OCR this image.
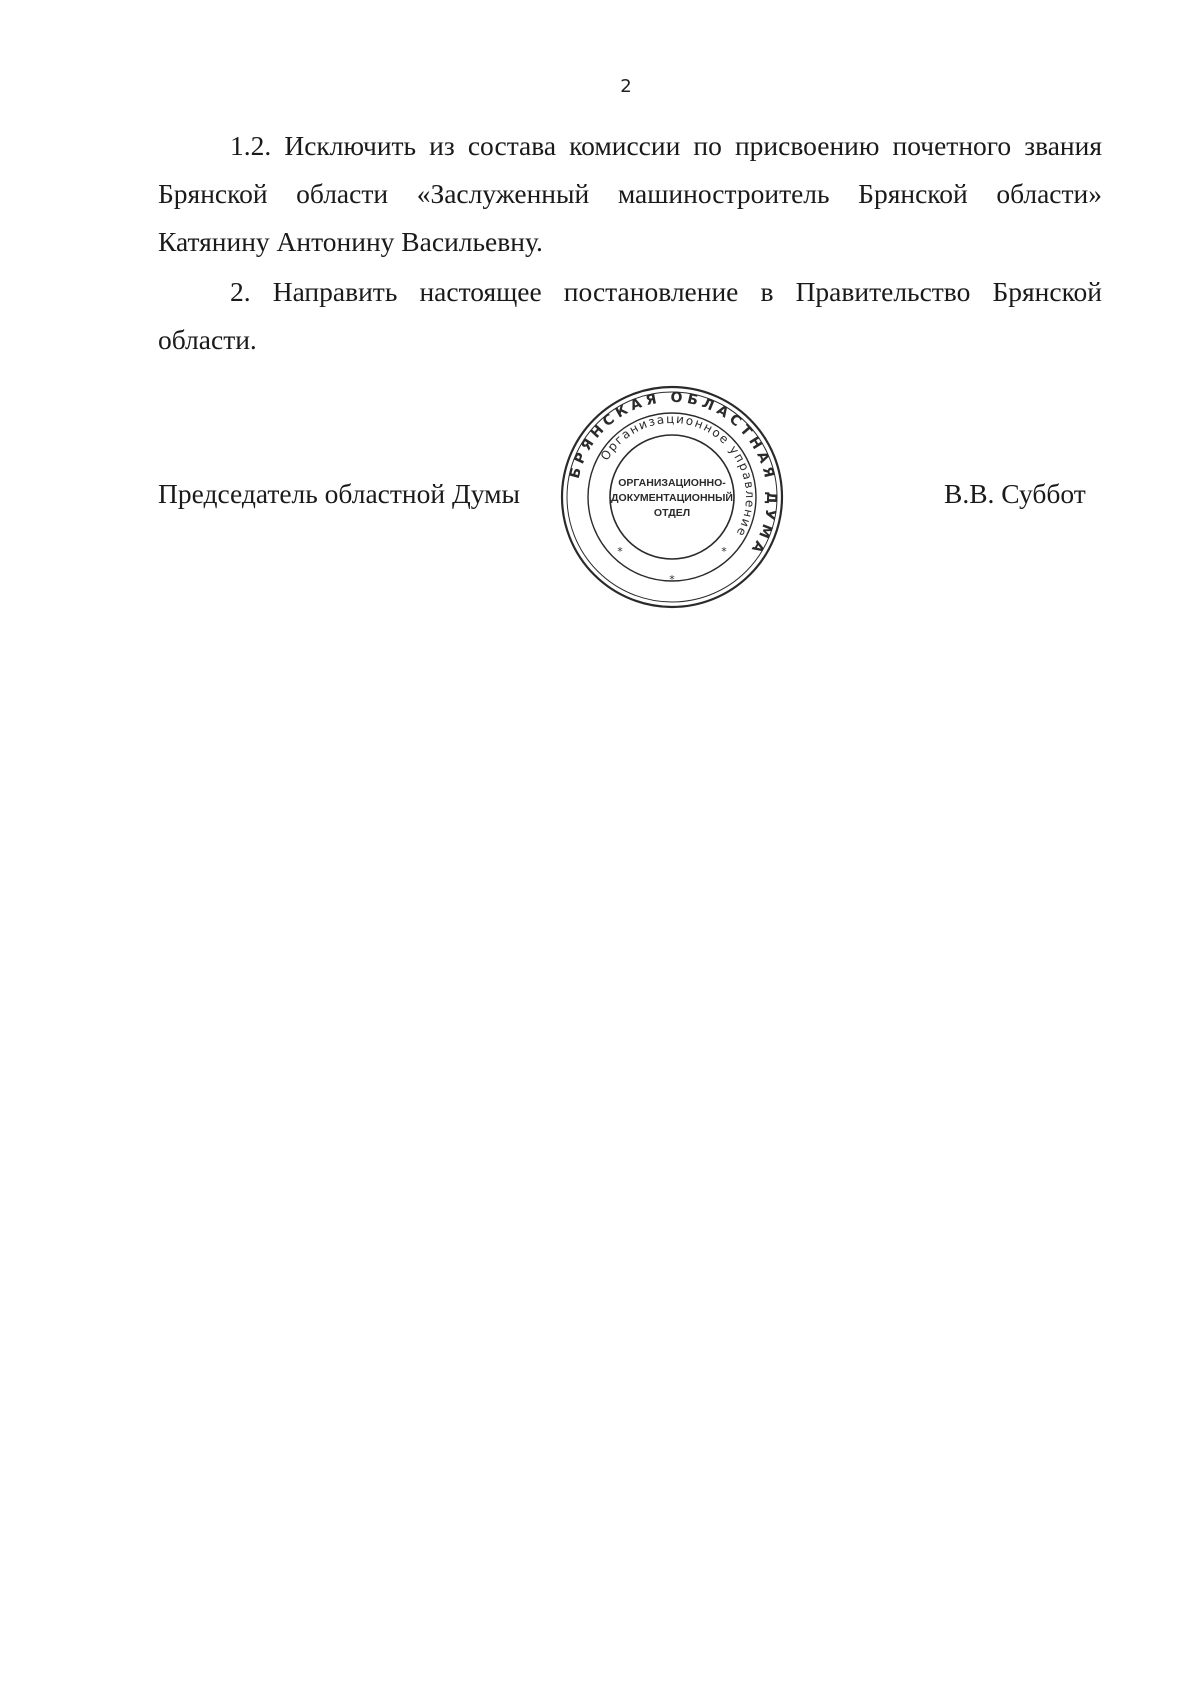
2

1.2. Исключить из состава комиссии по присвоению почетного звания Брянской области «Заслуженный машиностроитель Брянской области» Катянину Антонину Васильевну.

2. Направить настоящее постановление в Правительство Брянской области.

Председатель областной Думы
БРЯНСКАЯ ОБЛАСТНАЯ ДУМА
Организационное управление
ОРГАНИЗАЦИОННО-
ДОКУМЕНТАЦИОННЫЙ
ОТДЕЛ
*
*	*
В.В. Суббот
